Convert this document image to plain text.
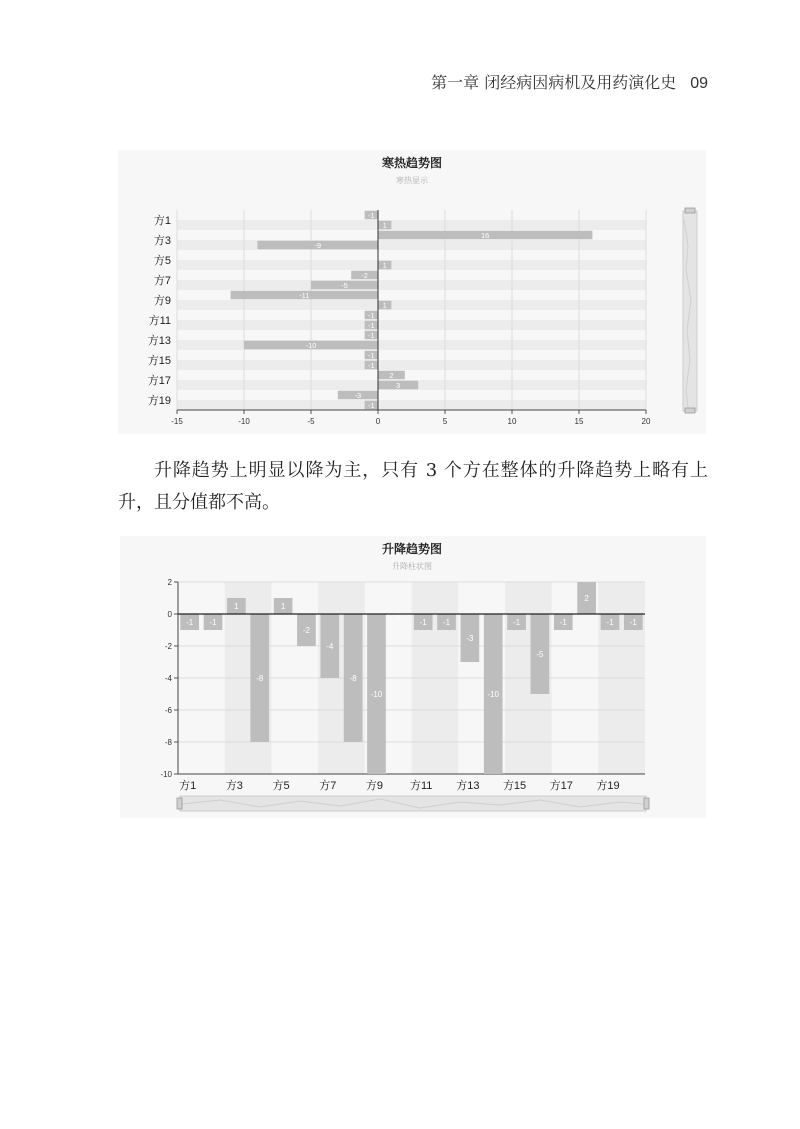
第一章 闭经病因病机及用药演化史 09
寒热趋势图
寒热显示
-15	-10	-5	0	5	10	15	20
方1
方3
方5
方7
方9
方11
方13
方15
方17
方19
-1
1
16
-9
0
1
-2
-5
-11
1
-1
-1
-1
-10
-1
-1
2
3
-3
-1
升降趋势上明显以降为主，只有 3 个方在整体的升降趋势上略有上升，且分值都不高。
升降趋势图
升降柱状图
2
0
-2
-4
-6
-8
-10
方1	方3	方5	方7	方9 方11 方13 方15 方17 方19
-1 -1
1
-8
1
-2
-4
-8
-10
0
-1 -1
-3
-10
-1
-5
-1
2
-1 -1
